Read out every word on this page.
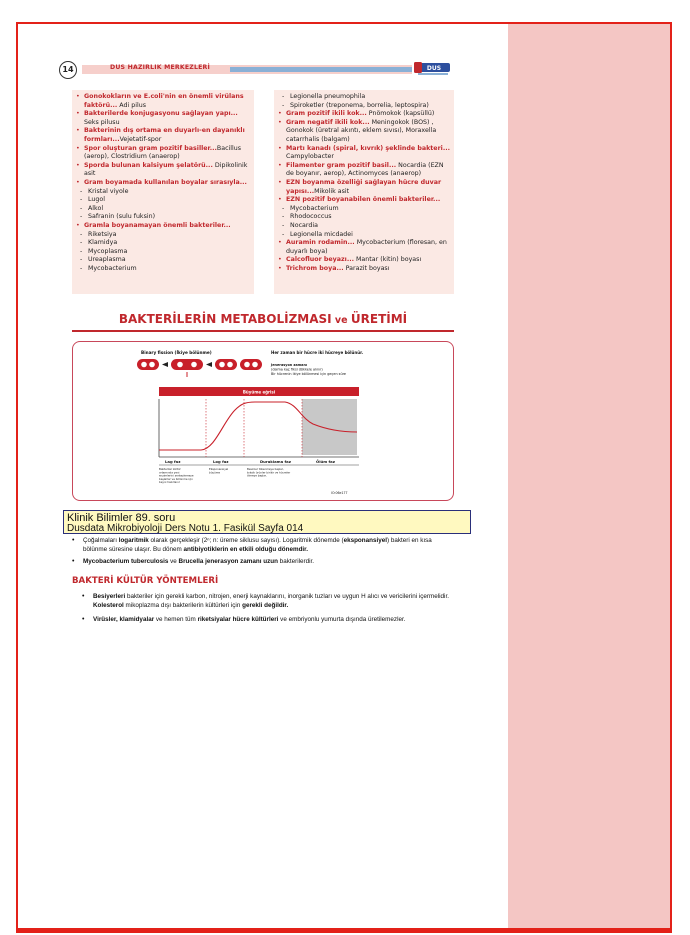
14	DUS HAZIRLIK MERKEZLERİ	DUS
• Gonokokların ve E.coli'nin en önemli virülans faktörü... Adi pilus
• Bakterilerde konjugasyonu sağlayan yapı... Seks pilusu
• Bakterinin dış ortama en duyarlı-en dayanıklı formları...Vejetatif-spor
• Spor oluşturan gram pozitif basiller...Bacillus (aerop), Clostridium (anaerop)
• Sporda bulunan kalsiyum şelatörü... Dipikolinik asit
• Gram boyamada kullanılan boyalar sırasıyla...
- Kristal viyole
- Lugol
- Alkol
- Safranin (sulu fuksin)
• Gramla boyanamayan önemli bakteriler...
- Riketsiya
- Klamidya
- Mycoplasma
- Ureaplasma
- Mycobacterium
- Legionella pneumophila
- Spiroketler (treponema, borrelia, leptospira)
• Gram pozitif ikili kok... Pnömokok (kapsüllü)
• Gram negatif ikili kok... Meningokok (BOS) , Gonokok (üretral akıntı, eklem sıvısı), Moraxella catarrhalis (balgam)
• Martı kanadı (spiral, kıvrık) şeklinde bakteri... Campylobacter
• Filamenter gram pozitif basil... Nocardia (EZN de boyanır, aerop), Actinomyces (anaerop)
• EZN boyanma özelliği sağlayan hücre duvar yapısı...Mikolik asit
• EZN pozitif boyanabilen önemli bakteriler...
- Mycobacterium
- Rhodococcus
- Nocardia
- Legionella micdadei
• Auramin rodamin... Mycobacterium (floresan, en duyarlı boya)
• Calcofluor beyazı... Mantar (kitin) boyası
• Trichrom boya... Parazit boyası
BAKTERİLERİN METABOLİZMASI ve ÜRETİMİ
Binary fission (İkiye bölünme)	Her zaman bir hücre iki hücreye bölünür.
Jenerasyon zamanı (daima kaç fiksi dökkele alınır) Bir hücrenin ikiye bölünmesi için geçen süre
Büyüme eğrisi
Lag faz	Log faz	Duraklama faz	Ölüm faz
Bakteriler kültür ortamında yeni enzimlerini sentezlemeye başlarlar ve bölünme için beyni hazırlanır
Eksponansiyel büyüme
Besinler tükenmeye başlar, toksik ürünler birikir ve hücreler ölmeye başlar.
IO:06e177
Klinik Bilimler 89. soru
Dusdata Mikrobiyoloji Ders Notu 1. Fasikül Sayfa 014
• Çoğalmaları logaritmik olarak gerçekleşir (2ⁿ; n: üreme siklusu sayısı). Logaritmik dönemde (eksponansiyel) bakteri en kısa bölünme süresine ulaşır. Bu dönem antibiyotiklerin en etkili olduğu dönemdir.
• Mycobacterium tuberculosis ve Brucella jenerasyon zamanı uzun bakterilerdir.
BAKTERİ KÜLTÜR YÖNTEMLERİ
• Besiyerleri bakteriler için gerekli karbon, nitrojen, enerji kaynaklarını, inorganik tuzları ve uygun H alıcı ve vericilerini içermelidir. Kolesterol mikoplazma dışı bakterilerin kültürleri için gerekli değildir.
• Virüsler, klamidyalar ve hemen tüm riketsiyalar hücre kültürleri ve embriyonlu yumurta dışında üretilemezler.
